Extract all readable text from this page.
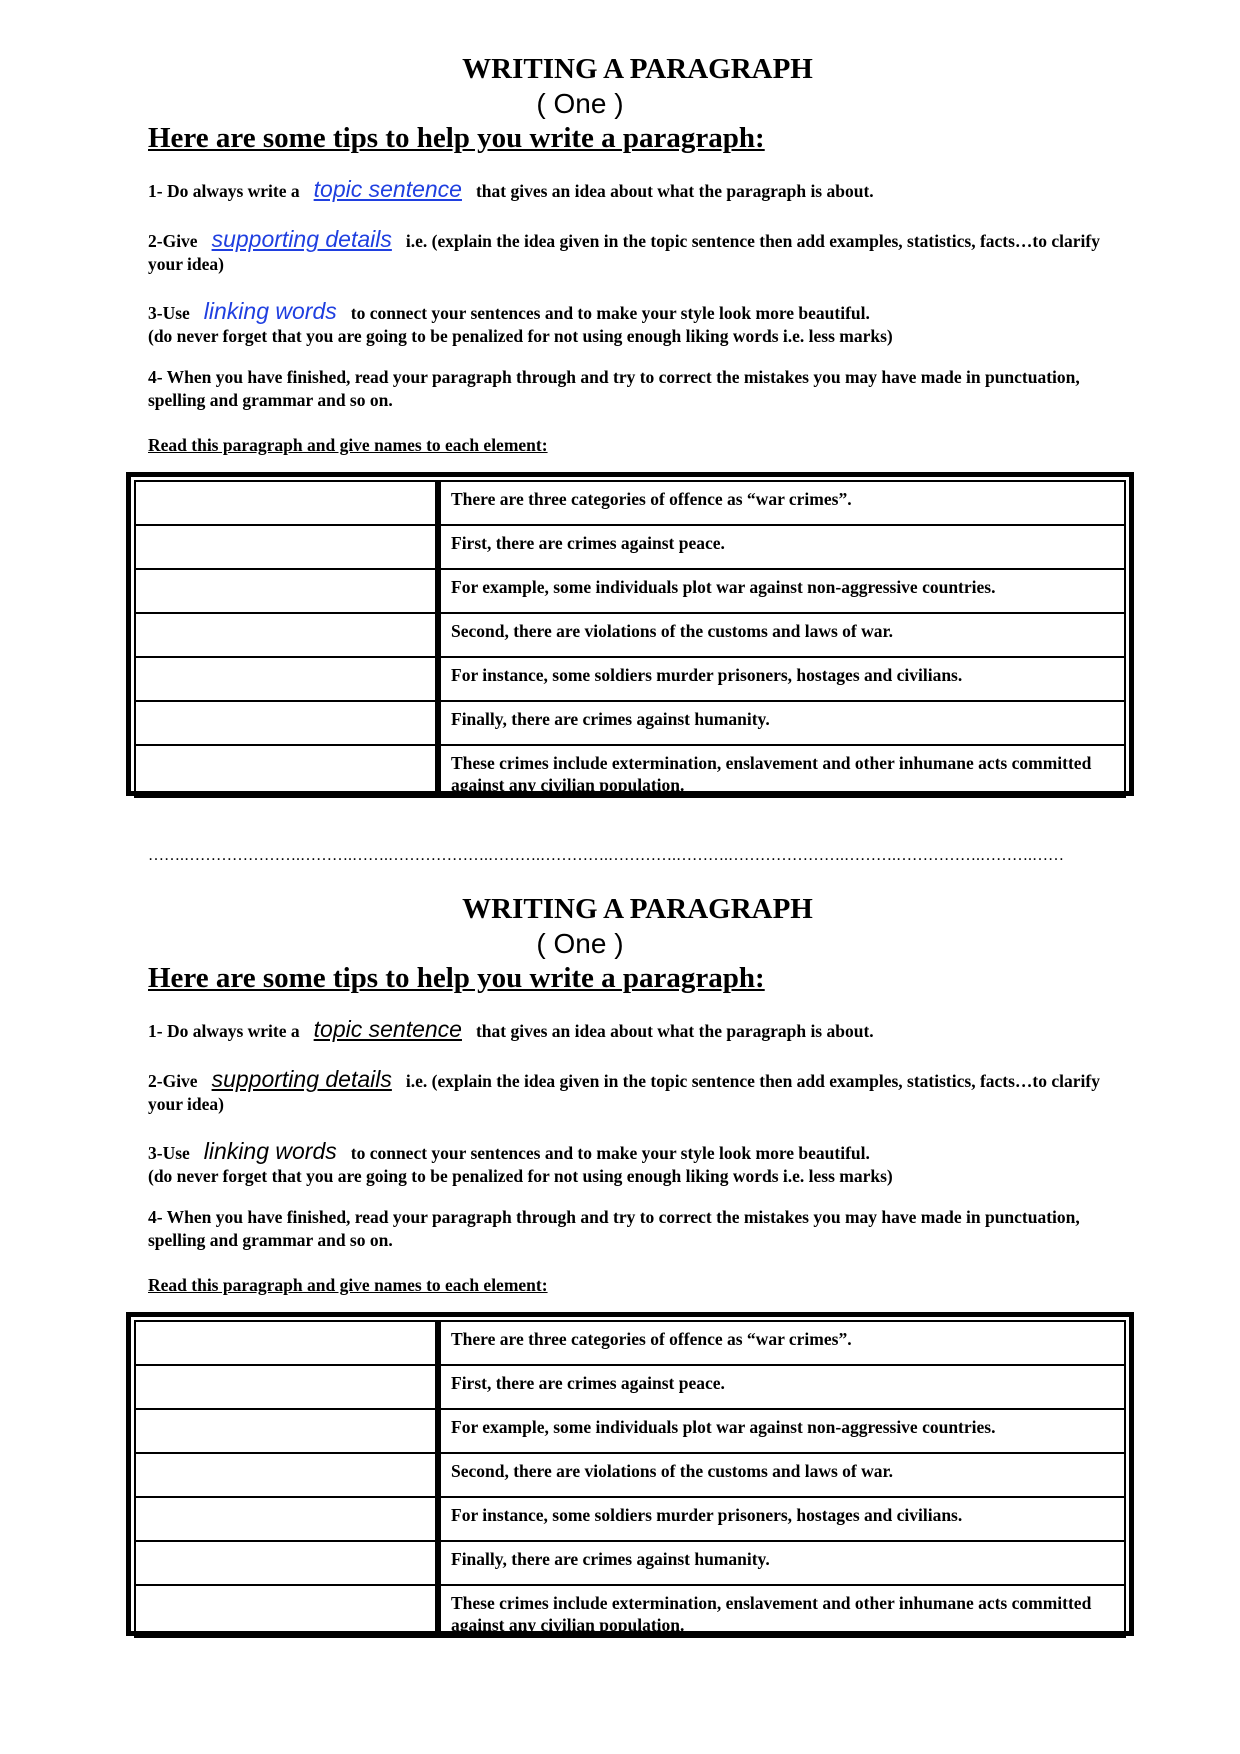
WRITING A PARAGRAPH
( One )
Here are some tips to help you write a paragraph:

1- Do always write a topic sentence that gives an idea about what the paragraph is about.

2-Give supporting details i.e. (explain the idea given in the topic sentence then add examples, statistics, facts…to clarify your idea)

3-Use linking words to connect your sentences and to make your style look more beautiful.
(do never forget that you are going to be penalized for not using enough liking words i.e. less marks)

4- When you have finished, read your paragraph through and try to correct the mistakes you may have made in punctuation, spelling and grammar and so on.

Read this paragraph and give names to each element:

	There are three categories of offence as “war crimes”.
	First, there are crimes against peace.
	For example, some individuals plot war against non-aggressive countries.
	Second, there are violations of the customs and laws of war.
	For instance, some soldiers murder prisoners, hostages and civilians.
	Finally, there are crimes against humanity.
	These crimes include extermination, enslavement and other inhumane acts committed against any civilian population.
…….………………….……….…….……………….……….………….………….……….………………….……….…………….……….……
WRITING A PARAGRAPH
( One )
Here are some tips to help you write a paragraph:

1- Do always write a topic sentence that gives an idea about what the paragraph is about.

2-Give supporting details i.e. (explain the idea given in the topic sentence then add examples, statistics, facts…to clarify your idea)

3-Use linking words to connect your sentences and to make your style look more beautiful.
(do never forget that you are going to be penalized for not using enough liking words i.e. less marks)

4- When you have finished, read your paragraph through and try to correct the mistakes you may have made in punctuation, spelling and grammar and so on.

Read this paragraph and give names to each element:

	There are three categories of offence as “war crimes”.
	First, there are crimes against peace.
	For example, some individuals plot war against non-aggressive countries.
	Second, there are violations of the customs and laws of war.
	For instance, some soldiers murder prisoners, hostages and civilians.
	Finally, there are crimes against humanity.
	These crimes include extermination, enslavement and other inhumane acts committed against any civilian population.
